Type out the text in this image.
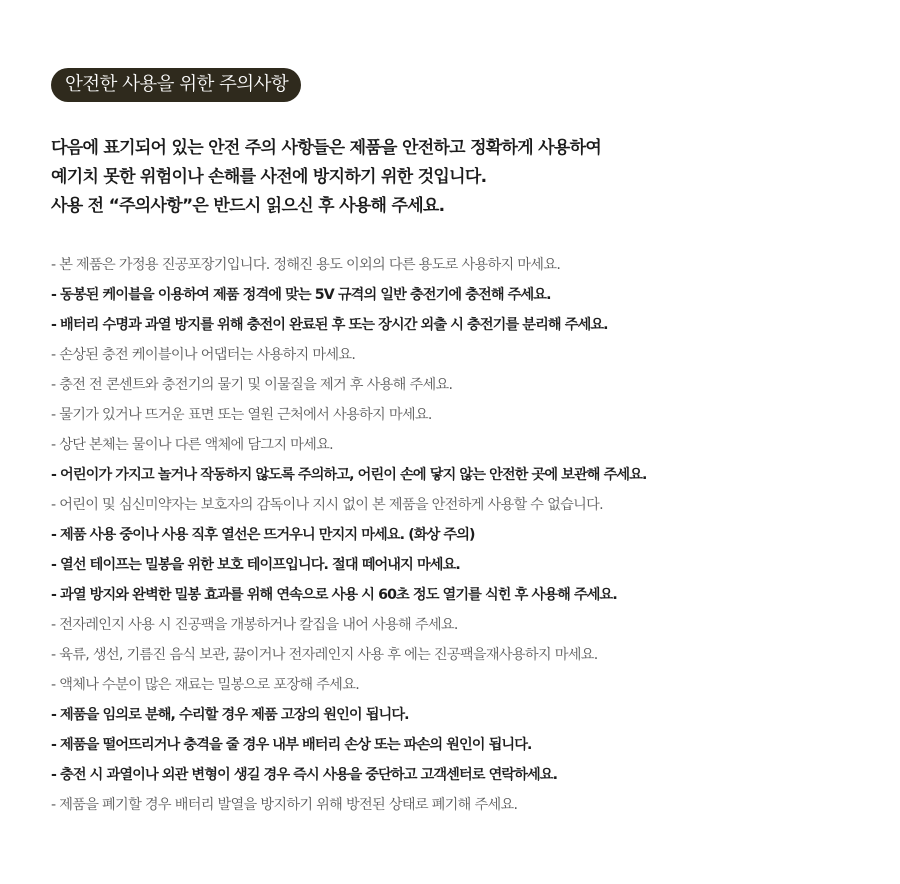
안전한 사용을 위한 주의사항
다음에 표기되어 있는 안전 주의 사항들은 제품을 안전하고 정확하게 사용하여
예기치 못한 위험이나 손해를 사전에 방지하기 위한 것입니다.
사용 전 “주의사항”은 반드시 읽으신 후 사용해 주세요.
- 본 제품은 가정용 진공포장기입니다. 정해진 용도 이외의 다른 용도로 사용하지 마세요.
- 동봉된 케이블을 이용하여 제품 정격에 맞는 5V 규격의 일반 충전기에 충전해 주세요.
- 배터리 수명과 과열 방지를 위해 충전이 완료된 후 또는 장시간 외출 시 충전기를 분리해 주세요.
- 손상된 충전 케이블이나 어댑터는 사용하지 마세요.
- 충전 전 콘센트와 충전기의 물기 및 이물질을 제거 후 사용해 주세요.
- 물기가 있거나 뜨거운 표면 또는 열원 근처에서 사용하지 마세요.
- 상단 본체는 물이나 다른 액체에 담그지 마세요.
- 어린이가 가지고 놀거나 작동하지 않도록 주의하고, 어린이 손에 닿지 않는 안전한 곳에 보관해 주세요.
- 어린이 및 심신미약자는 보호자의 감독이나 지시 없이 본 제품을 안전하게 사용할 수 없습니다.
- 제품 사용 중이나 사용 직후 열선은 뜨거우니 만지지 마세요. (화상 주의)
- 열선 테이프는 밀봉을 위한 보호 테이프입니다. 절대 떼어내지 마세요.
- 과열 방지와 완벽한 밀봉 효과를 위해 연속으로 사용 시 60초 정도 열기를 식힌 후 사용해 주세요.
- 전자레인지 사용 시 진공팩을 개봉하거나 칼집을 내어 사용해 주세요.
- 육류, 생선, 기름진 음식 보관, 끓이거나 전자레인지 사용 후 에는 진공팩을재사용하지 마세요.
- 액체나 수분이 많은 재료는 밀봉으로 포장해 주세요.
- 제품을 임의로 분해, 수리할 경우 제품 고장의 원인이 됩니다.
- 제품을 떨어뜨리거나 충격을 줄 경우 내부 배터리 손상 또는 파손의 원인이 됩니다.
- 충전 시 과열이나 외관 변형이 생길 경우 즉시 사용을 중단하고 고객센터로 연락하세요.
- 제품을 폐기할 경우 배터리 발열을 방지하기 위해 방전된 상태로 폐기해 주세요.
